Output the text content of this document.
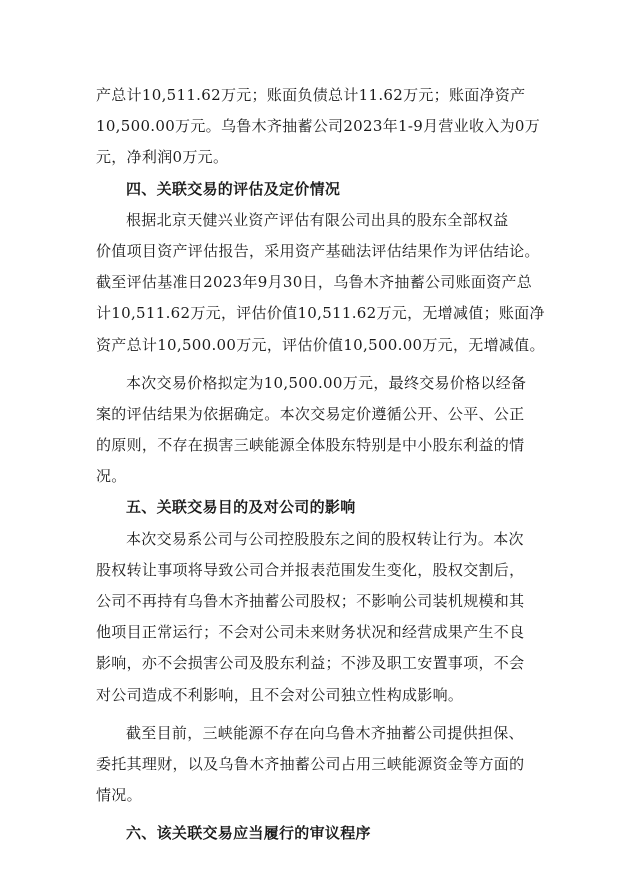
产总计10,511.62万元；账面负债总计11.62万元；账面净资产
10,500.00万元。乌鲁木齐抽蓄公司2023年1-9月营业收入为0万
元，净利润0万元。
四、关联交易的评估及定价情况
根据北京天健兴业资产评估有限公司出具的股东全部权益
价值项目资产评估报告，采用资产基础法评估结果作为评估结论。
截至评估基准日2023年9月30日，乌鲁木齐抽蓄公司账面资产总
计10,511.62万元，评估价值10,511.62万元，无增减值；账面净
资产总计10,500.00万元，评估价值10,500.00万元，无增减值。
本次交易价格拟定为10,500.00万元，最终交易价格以经备
案的评估结果为依据确定。本次交易定价遵循公开、公平、公正
的原则，不存在损害三峡能源全体股东特别是中小股东利益的情
况。
五、关联交易目的及对公司的影响
本次交易系公司与公司控股股东之间的股权转让行为。本次
股权转让事项将导致公司合并报表范围发生变化，股权交割后，
公司不再持有乌鲁木齐抽蓄公司股权；不影响公司装机规模和其
他项目正常运行；不会对公司未来财务状况和经营成果产生不良
影响，亦不会损害公司及股东利益；不涉及职工安置事项，不会
对公司造成不利影响，且不会对公司独立性构成影响。
截至目前，三峡能源不存在向乌鲁木齐抽蓄公司提供担保、
委托其理财，以及乌鲁木齐抽蓄公司占用三峡能源资金等方面的
情况。
六、该关联交易应当履行的审议程序
